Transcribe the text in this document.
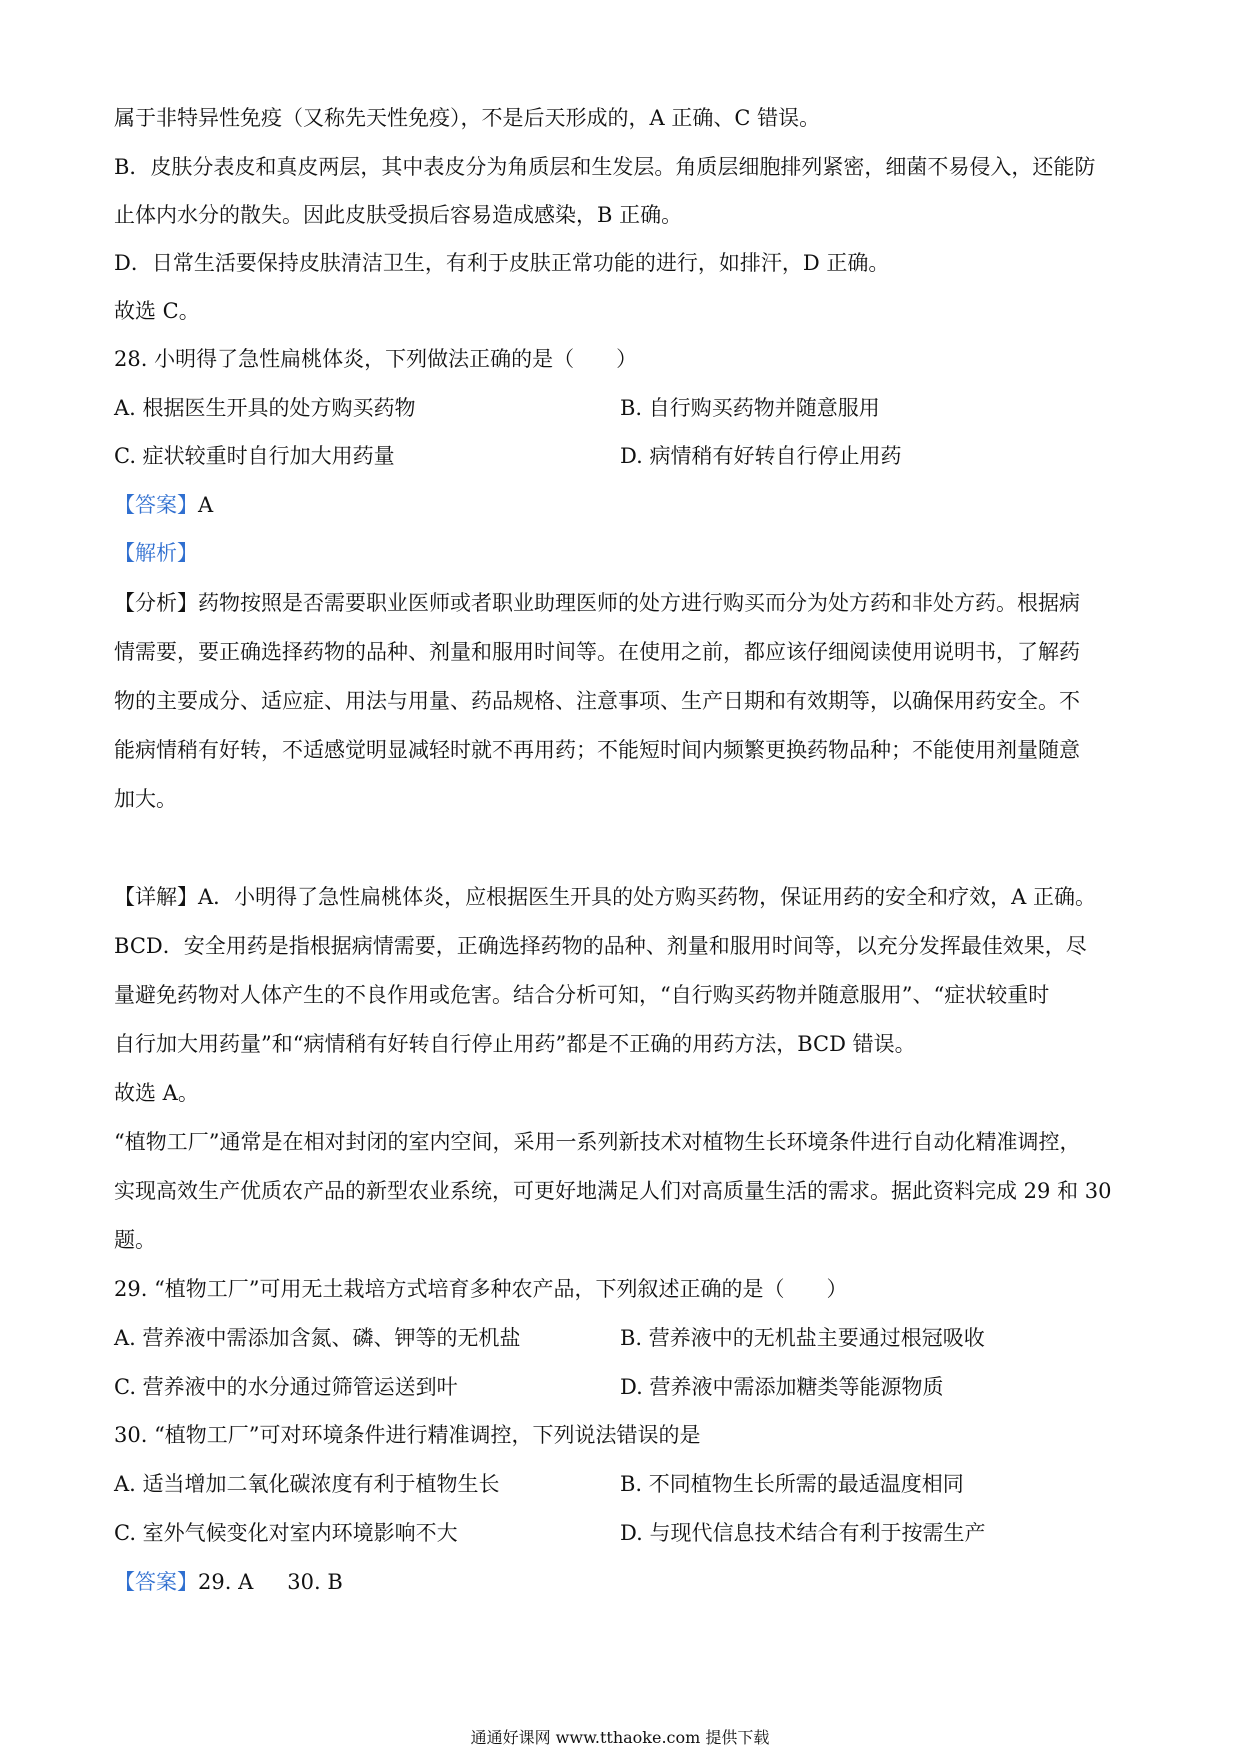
属于非特异性免疫（又称先天性免疫），不是后天形成的，A 正确、C 错误。
B．皮肤分表皮和真皮两层，其中表皮分为角质层和生发层。角质层细胞排列紧密，细菌不易侵入，还能防
止体内水分的散失。因此皮肤受损后容易造成感染，B 正确。
D．日常生活要保持皮肤清洁卫生，有利于皮肤正常功能的进行，如排汗，D 正确。
故选 C。
28. 小明得了急性扁桃体炎，下列做法正确的是（　　）
A. 根据医生开具的处方购买药物	B. 自行购买药物并随意服用
C. 症状较重时自行加大用药量	D. 病情稍有好转自行停止用药
【答案】A
【解析】
【分析】药物按照是否需要职业医师或者职业助理医师的处方进行购买而分为处方药和非处方药。根据病
情需要，要正确选择药物的品种、剂量和服用时间等。在使用之前，都应该仔细阅读使用说明书，了解药
物的主要成分、适应症、用法与用量、药品规格、注意事项、生产日期和有效期等，以确保用药安全。不
能病情稍有好转，不适感觉明显减轻时就不再用药；不能短时间内频繁更换药物品种；不能使用剂量随意
加大。
【详解】A．小明得了急性扁桃体炎，应根据医生开具的处方购买药物，保证用药的安全和疗效，A 正确。
BCD．安全用药是指根据病情需要，正确选择药物的品种、剂量和服用时间等，以充分发挥最佳效果，尽
量避免药物对人体产生的不良作用或危害。结合分析可知，“自行购买药物并随意服用”、“症状较重时
自行加大用药量”和“病情稍有好转自行停止用药”都是不正确的用药方法，BCD 错误。
故选 A。
“植物工厂”通常是在相对封闭的室内空间，采用一系列新技术对植物生长环境条件进行自动化精准调控，
实现高效生产优质农产品的新型农业系统，可更好地满足人们对高质量生活的需求。据此资料完成 29 和 30
题。
29. “植物工厂”可用无土栽培方式培育多种农产品，下列叙述正确的是（　　）
A. 营养液中需添加含氮、磷、钾等的无机盐	B. 营养液中的无机盐主要通过根冠吸收
C. 营养液中的水分通过筛管运送到叶	D. 营养液中需添加糖类等能源物质
30. “植物工厂”可对环境条件进行精准调控，下列说法错误的是
A. 适当增加二氧化碳浓度有利于植物生长	B. 不同植物生长所需的最适温度相同
C. 室外气候变化对室内环境影响不大	D. 与现代信息技术结合有利于按需生产
【答案】29. A 30. B
通通好课网 www.tthaoke.com 提供下载
